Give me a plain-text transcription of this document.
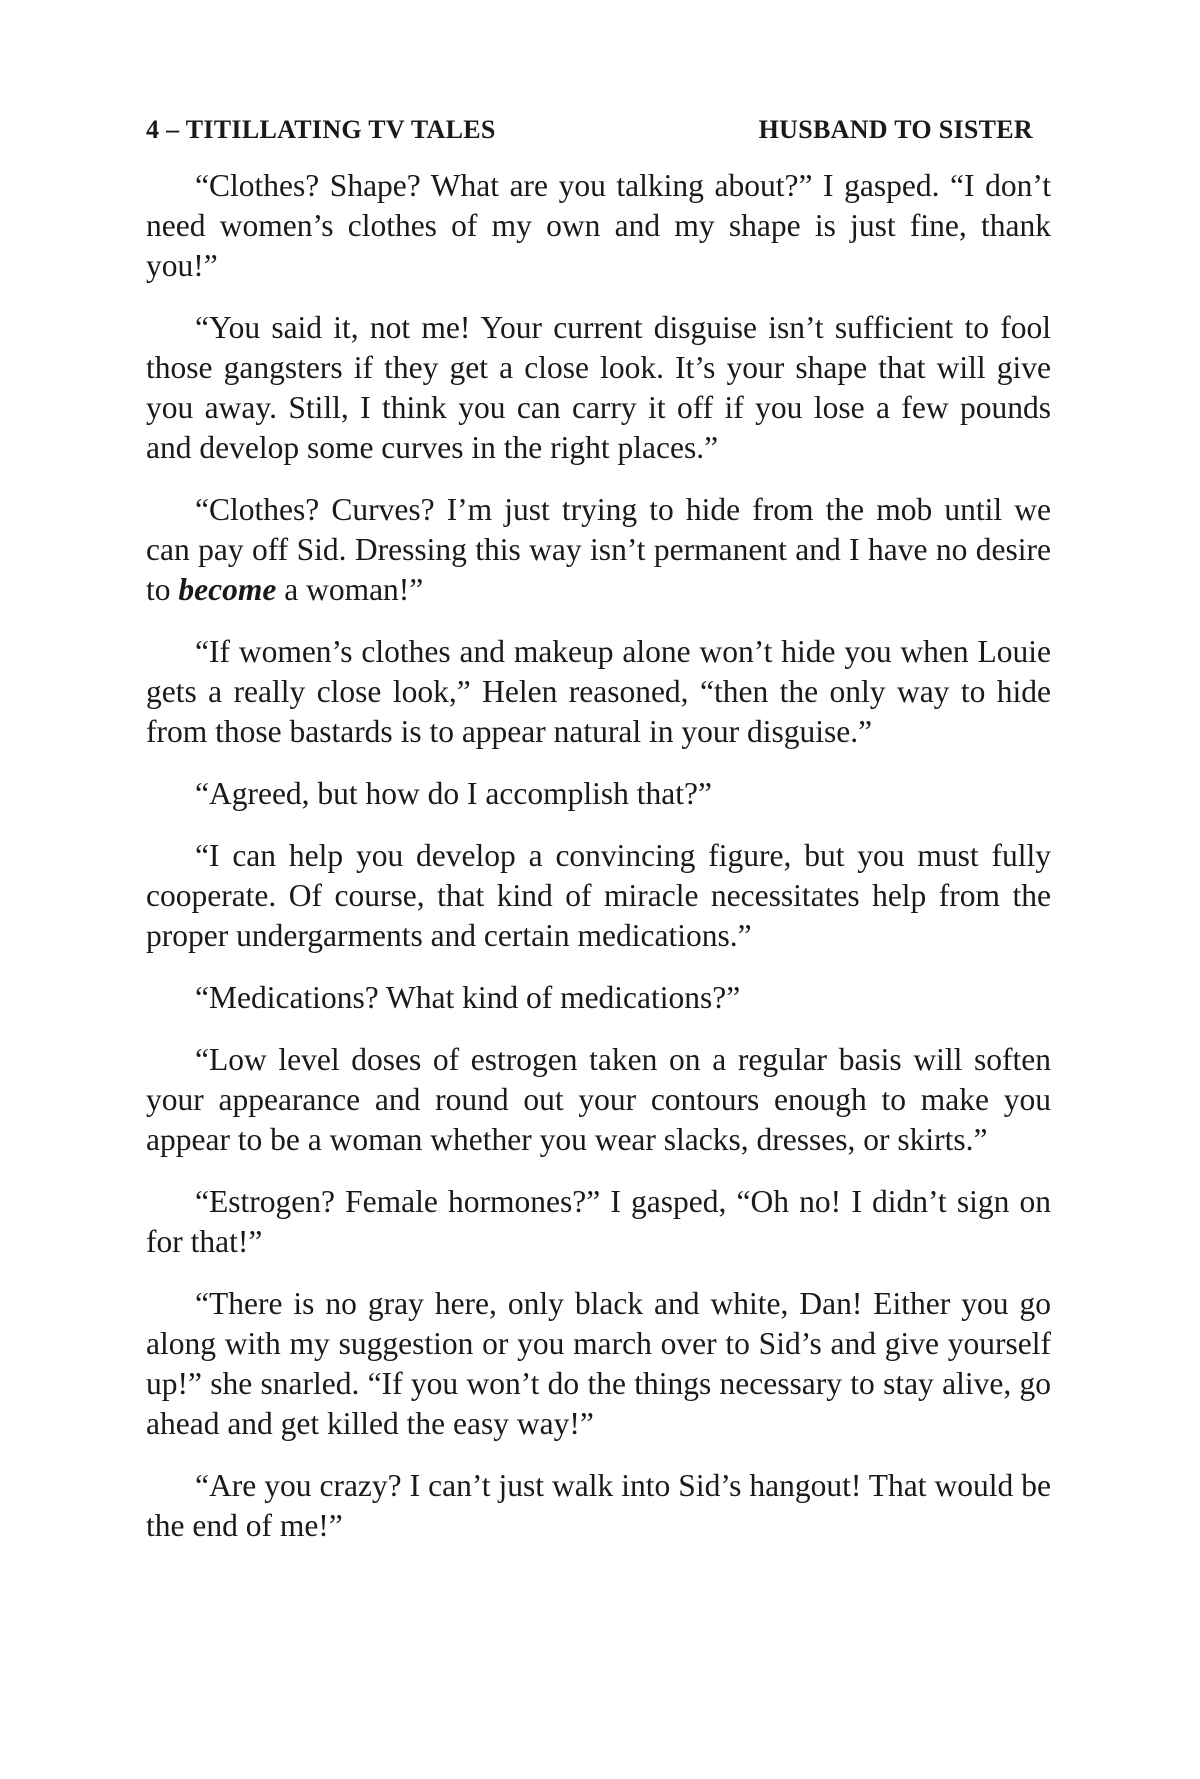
4 – TITILLATING TV TALES	HUSBAND TO SISTER

“Clothes? Shape? What are you talking about?” I gasped. “I don’t need women’s clothes of my own and my shape is just fine, thank you!”

“You said it, not me! Your current disguise isn’t sufficient to fool those gangsters if they get a close look. It’s your shape that will give you away. Still, I think you can carry it off if you lose a few pounds and develop some curves in the right places.”

“Clothes? Curves? I’m just trying to hide from the mob until we can pay off Sid. Dressing this way isn’t permanent and I have no desire to become a woman!”

“If women’s clothes and makeup alone won’t hide you when Louie gets a really close look,” Helen reasoned, “then the only way to hide from those bastards is to appear natural in your disguise.”

“Agreed, but how do I accomplish that?”

“I can help you develop a convincing figure, but you must fully cooperate. Of course, that kind of miracle necessitates help from the proper undergarments and certain medications.”

“Medications? What kind of medications?”

“Low level doses of estrogen taken on a regular basis will soften your appearance and round out your contours enough to make you appear to be a woman whether you wear slacks, dresses, or skirts.”

“Estrogen? Female hormones?” I gasped, “Oh no! I didn’t sign on for that!”

“There is no gray here, only black and white, Dan! Either you go along with my suggestion or you march over to Sid’s and give yourself up!” she snarled. “If you won’t do the things necessary to stay alive, go ahead and get killed the easy way!”

“Are you crazy? I can’t just walk into Sid’s hangout! That would be the end of me!”
